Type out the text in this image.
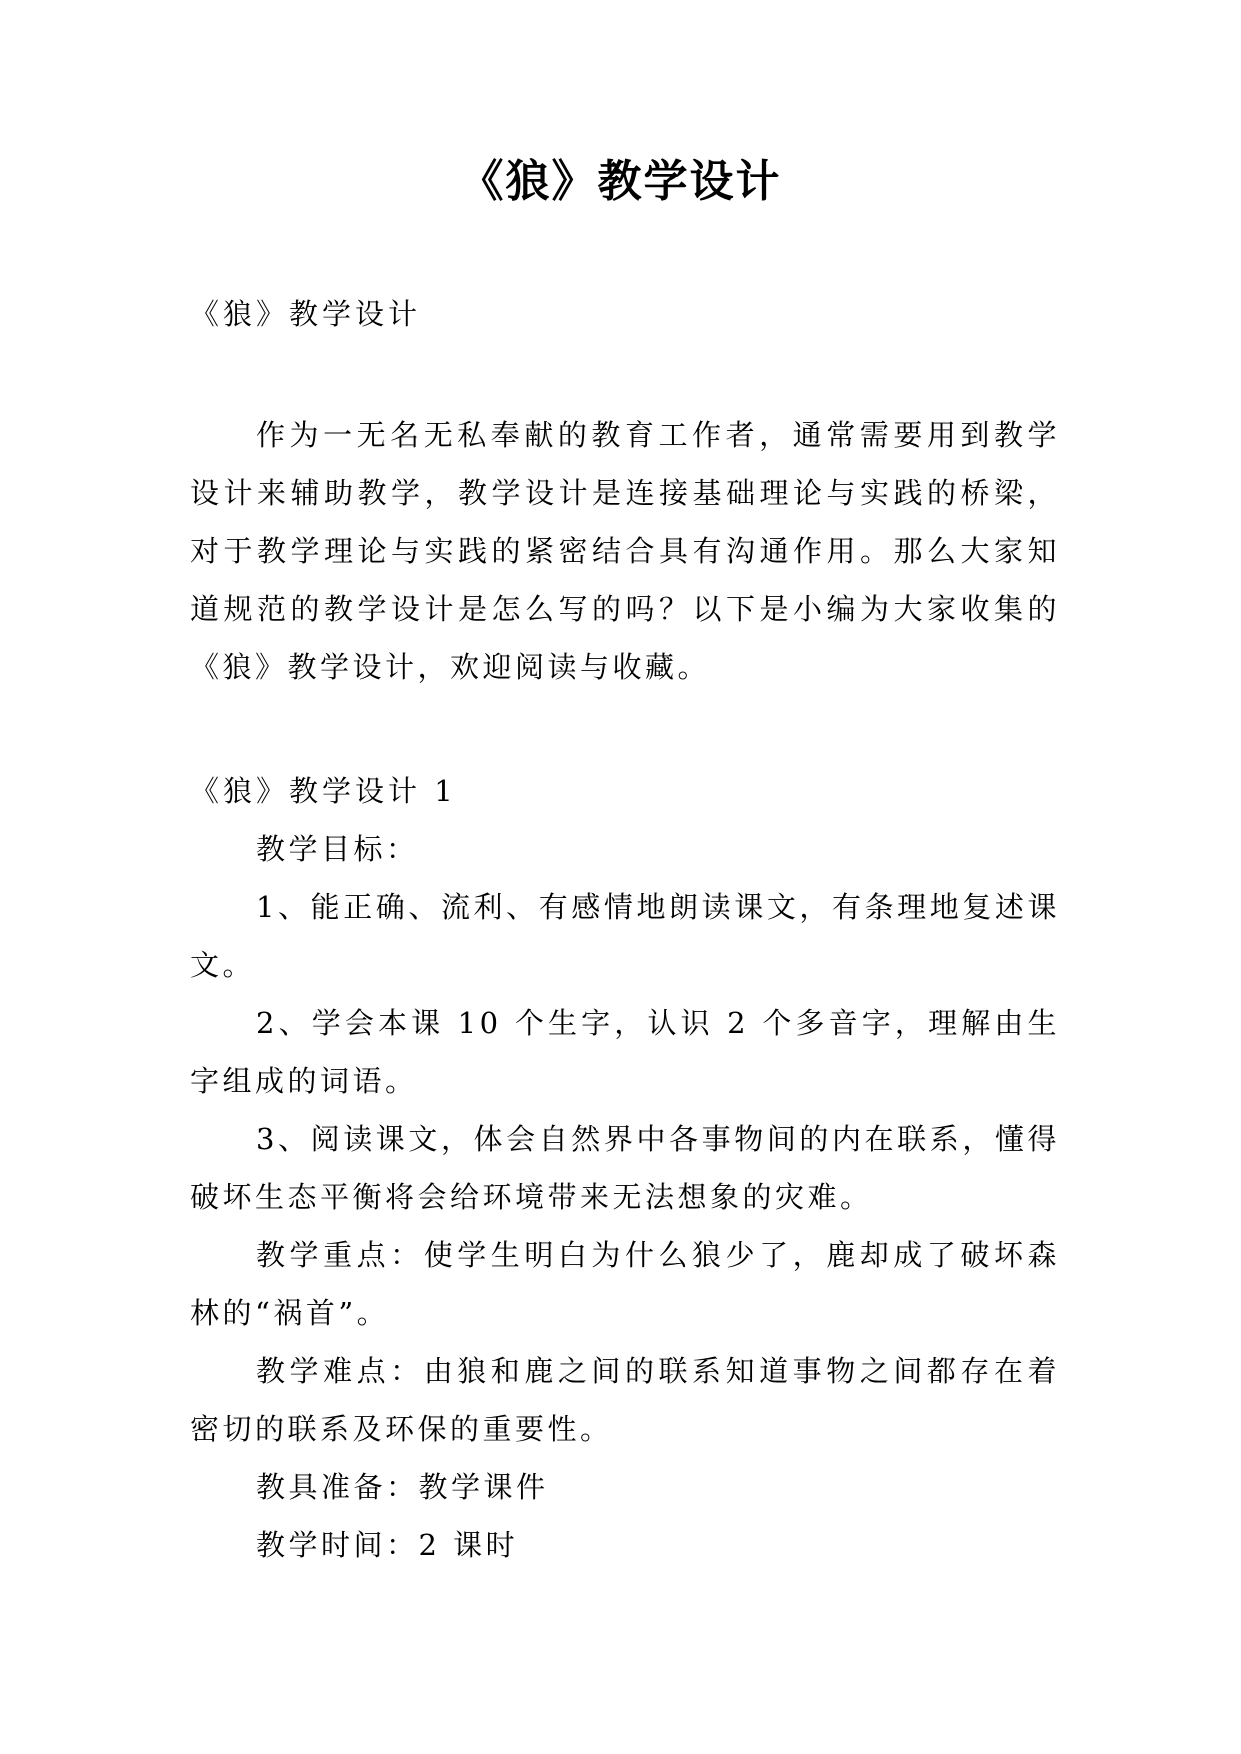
《狼》教学设计
《狼》教学设计

作为一无名无私奉献的教育工作者，通常需要用到教学设计来辅助教学，教学设计是连接基础理论与实践的桥梁，对于教学理论与实践的紧密结合具有沟通作用。那么大家知道规范的教学设计是怎么写的吗？以下是小编为大家收集的《狼》教学设计，欢迎阅读与收藏。

《狼》教学设计 1

教学目标：

1、能正确、流利、有感情地朗读课文，有条理地复述课文。

2、学会本课 10 个生字，认识 2 个多音字，理解由生字组成的词语。

3、阅读课文，体会自然界中各事物间的内在联系，懂得破坏生态平衡将会给环境带来无法想象的灾难。

教学重点：使学生明白为什么狼少了，鹿却成了破坏森林的“祸首”。

教学难点：由狼和鹿之间的联系知道事物之间都存在着密切的联系及环保的重要性。

教具准备：教学课件

教学时间：2 课时
